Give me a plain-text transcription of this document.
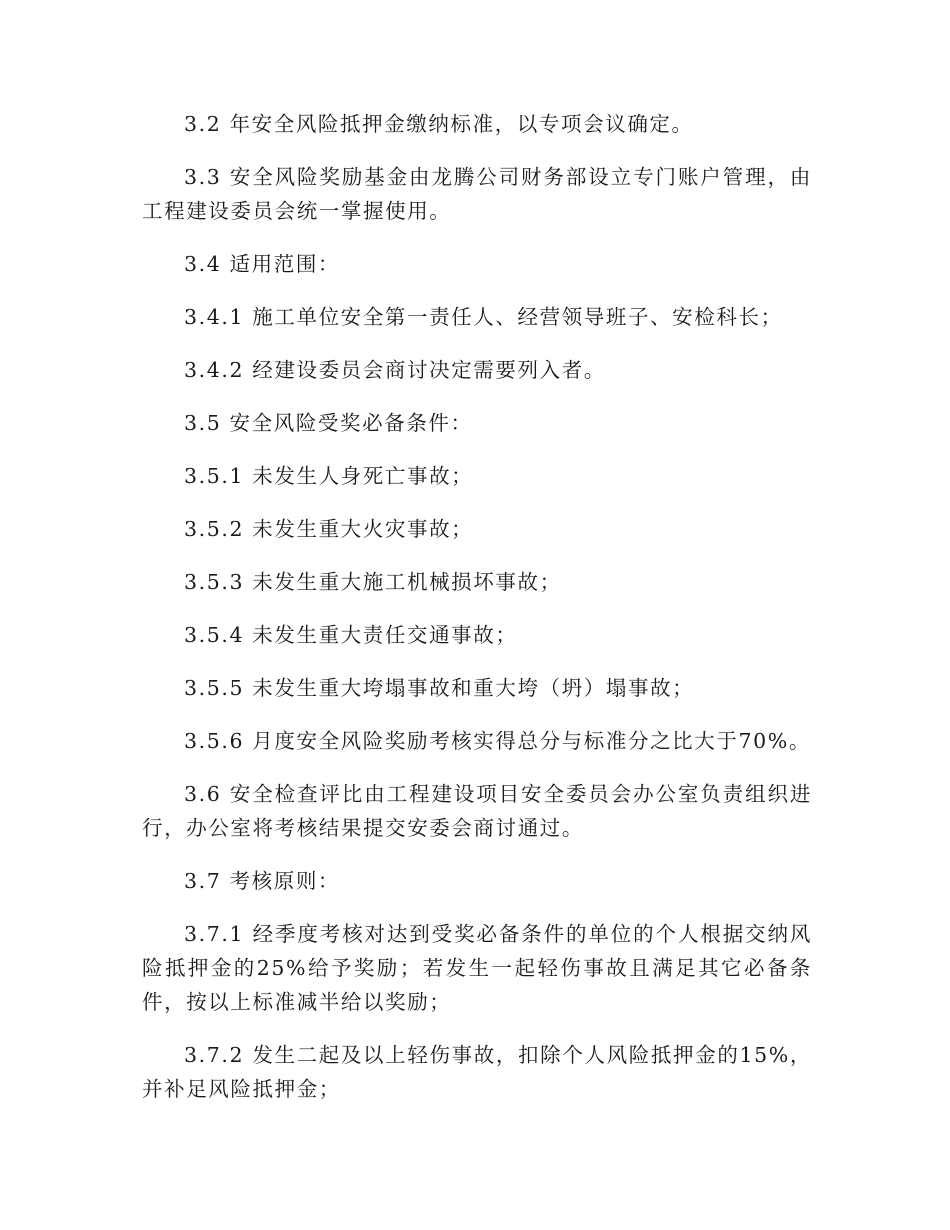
3.2 年安全风险抵押金缴纳标准，以专项会议确定。

3.3 安全风险奖励基金由龙腾公司财务部设立专门账户管理，由工程建设委员会统一掌握使用。

3.4 适用范围：

3.4.1 施工单位安全第一责任人、经营领导班子、安检科长；

3.4.2 经建设委员会商讨决定需要列入者。

3.5 安全风险受奖必备条件：

3.5.1 未发生人身死亡事故；

3.5.2 未发生重大火灾事故；

3.5.3 未发生重大施工机械损坏事故；

3.5.4 未发生重大责任交通事故；

3.5.5 未发生重大垮塌事故和重大垮（坍）塌事故；

3.5.6 月度安全风险奖励考核实得总分与标准分之比大于70%。

3.6 安全检查评比由工程建设项目安全委员会办公室负责组织进行，办公室将考核结果提交安委会商讨通过。

3.7 考核原则：

3.7.1 经季度考核对达到受奖必备条件的单位的个人根据交纳风险抵押金的25%给予奖励；若发生一起轻伤事故且满足其它必备条件，按以上标准减半给以奖励；

3.7.2 发生二起及以上轻伤事故，扣除个人风险抵押金的15%，并补足风险抵押金；
